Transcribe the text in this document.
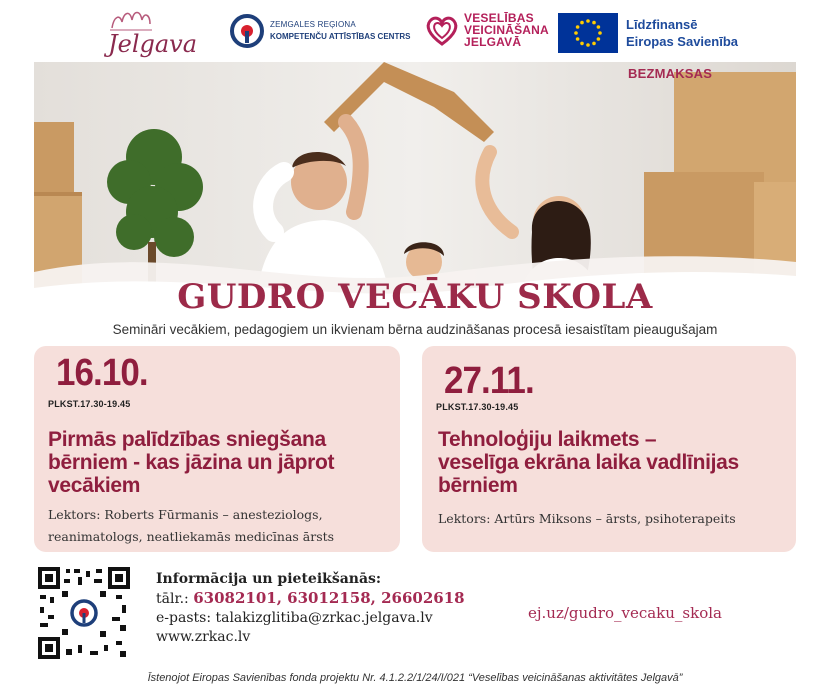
Jelgava
ZEMGALES REĢIONA
KOMPETENČU ATTĪSTĪBAS CENTRS
VESELĪBAS
VEICINĀŠANA
JELGAVĀ
Līdzfinansē
Eiropas Savienība
BEZMAKSAS
GUDRO VECĀKU SKOLA
Semināri vecākiem, pedagogiem un ikvienam bērna audzināšanas procesā iesaistītam pieaugušajam
16.10.
PLKST.17.30-19.45
Pirmās palīdzības sniegšana
bērniem - kas jāzina un jāprot
vecākiem
Lektors: Roberts Fūrmanis – anesteziologs,
reanimatologs, neatliekamās medicīnas ārsts
27.11.
PLKST.17.30-19.45
Tehnoloģiju laikmets –
veselīga ekrāna laika vadlīnijas
bērniem
Lektors: Artūrs Miksons – ārsts, psihoterapeits
Informācija un pieteikšanās:
tālr.: 63082101, 63012158, 26602618
e-pasts: talakizglitiba@zrkac.jelgava.lv
www.zrkac.lv
ej.uz/gudro_vecaku_skola
Īstenojot Eiropas Savienības fonda projektu Nr. 4.1.2.2/1/24/I/021 “Veselības veicināšanas aktivitātes Jelgavā”
